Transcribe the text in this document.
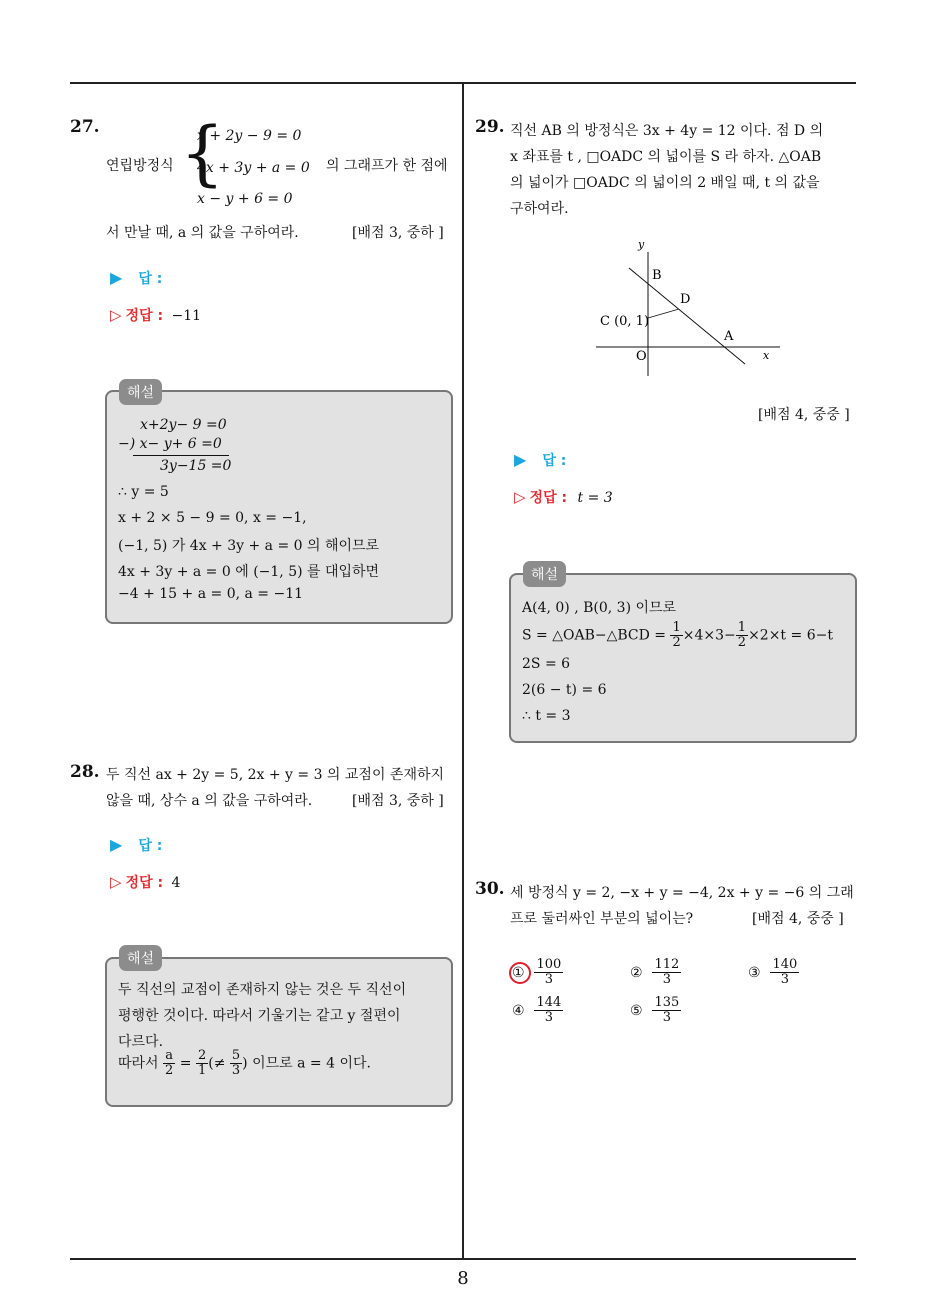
27.
연립방정식 {
x + 2y − 9 = 0
4x + 3y + a = 0
x − y + 6 = 0
의 그래프가 한 점에
서 만날 때, a 의 값을 구하여라.	[배점 3, 중하 ]
▶ 답 :
▷ 정답 : −11
해설
x+2y− 9 =0
−) x− y+ 6 =0
3y−15 =0
∴ y = 5
x + 2 × 5 − 9 = 0, x = −1,
(−1, 5) 가 4x + 3y + a = 0 의 해이므로
4x + 3y + a = 0 에 (−1, 5) 를 대입하면
−4 + 15 + a = 0, a = −11
28. 두 직선 ax + 2y = 5, 2x + y = 3 의 교점이 존재하지
않을 때, 상수 a 의 값을 구하여라.	[배점 3, 중하 ]
▶ 답 :
▷ 정답 : 4
해설
두 직선의 교점이 존재하지 않는 것은 두 직선이
평행한 것이다. 따라서 기울기는 같고 y 절편이
다르다.
따라서 $\frac{a}{2} = \frac{2}{1}$ (≠ $\frac{5}{3}$ ) 이므로 a = 4 이다.
29. 직선 AB 의 방정식은 3x + 4y = 12 이다. 점 D 의
x 좌표를 t , □OADC 의 넓이를 S 라 하자. △OAB
의 넓이가 □OADC 의 넓이의 2 배일 때, t 의 값을
구하여라.
y
x
B
D
C (0, 1)
A
O
[배점 4, 중중 ]
▶ 답 :
▷ 정답 : t = 3
해설
A(4, 0) , B(0, 3) 이므로
S = △OAB−△BCD = $\frac{1}{2} \times 4\times 3- \frac{1}{2} \times 2\times t = 6-t$
2S = 6
2(6 − t) = 6
∴ t = 3
30. 세 방정식 y = 2, −x + y = −4, 2x + y = −6 의 그래
프로 둘러싸인 부분의 넓이는?	[배점 4, 중중 ]
① $\frac{100}{3}$	② $\frac{112}{3}$	③ $\frac{140}{3}$
④ $\frac{144}{3}$	⑤ $\frac{135}{3}$
8
